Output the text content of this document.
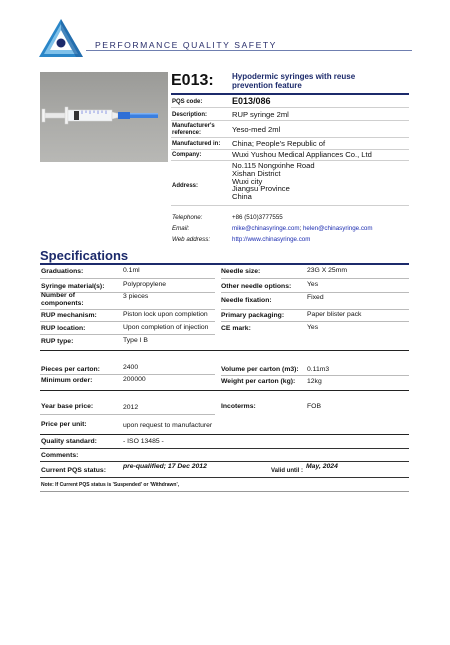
PERFORMANCE QUALITY SAFETY
E013: Hypodermic syringes with reuse prevention feature
PQS code:	E013/086
Description:	RUP syringe 2ml
Manufacturer's reference:	Yeso-med 2ml
Manufactured in: China; People's Republic of
Company:	Wuxi Yushou Medical Appliances Co., Ltd
Address:
No.115 Nongxinhe Road
Xishan District
Wuxi city
Jiangsu Province
China
Telephone:	+86 (510)3777555
Email:	mike@chinasyringe.com; helen@chinasyringe.com
Web address:	http://www.chinasyringe.com
Specifications
Graduations:	0.1ml
Syringe material(s):	Polypropylene
Number of components:
3 pieces
RUP mechanism:	Piston lock upon completion
RUP location:	Upon completion of injection
RUP type:	Type I B
Needle size:	23G X 25mm
Other needle options: Yes
Needle fixation:	Fixed
Primary packaging:	Paper blister pack
CE mark:	Yes
Pieces per carton:	2400
Minimum order:	200000
Volume per carton (m3): 0.11m3
Weight per carton (kg): 12kg
Year base price:	2012	Incoterms:	FOB
Price per unit:	upon request to manufacturer
Quality standard:	- ISO 13485 -
Comments:
Current PQS status:
pre-qualified; 17 Dec 2012
Valid until :
May, 2024
Note: If Current PQS status is 'Suspended' or 'Withdrawn',
